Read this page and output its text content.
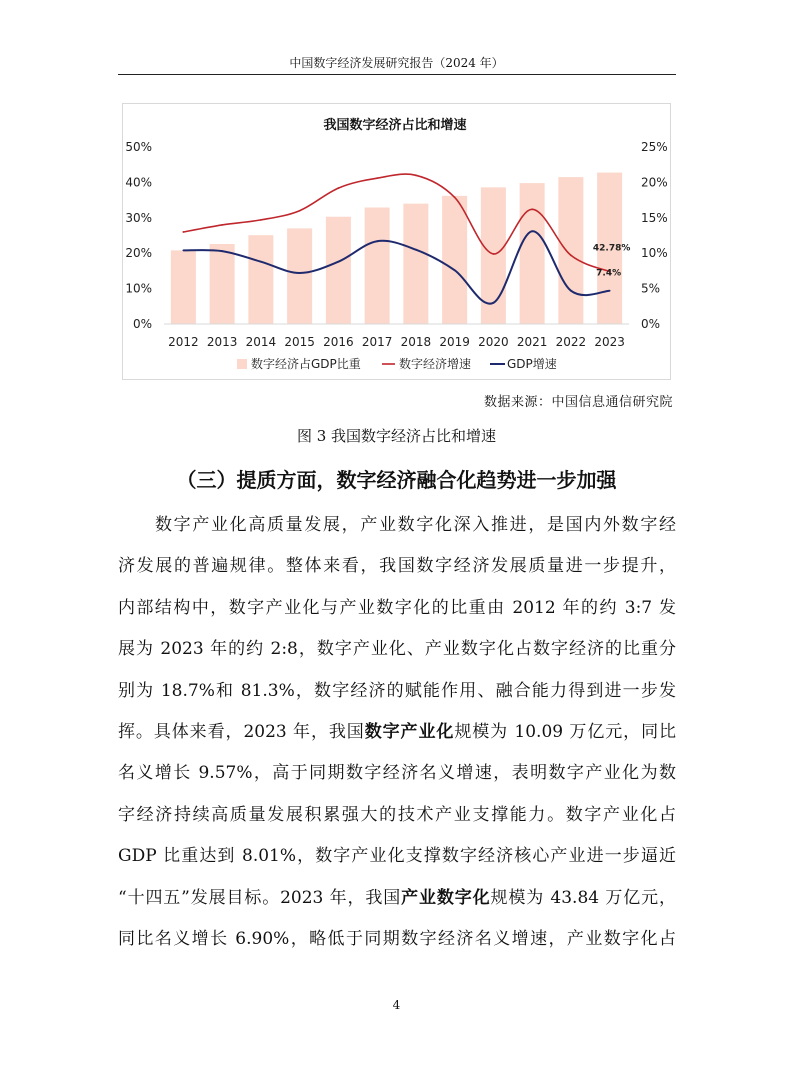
中国数字经济发展研究报告（2024 年）
我国数字经济占比和增速
0%
10%
20%
30%
40%
50%
0%
5%
10%
15%
20%
25%
2012 2013 2014 2015 2016 2017 2018 2019 2020 2021 2022 2023
42.78%
7.4%
数字经济占GDP比重	数字经济增速	GDP增速
数据来源：中国信息通信研究院
图 3 我国数字经济占比和增速
（三）提质方面，数字经济融合化趋势进一步加强
数字产业化高质量发展，产业数字化深入推进，是国内外数字经
济发展的普遍规律。整体来看，我国数字经济发展质量进一步提升，
内部结构中，数字产业化与产业数字化的比重由 2012 年的约 3:7 发
展为 2023 年的约 2:8，数字产业化、产业数字化占数字经济的比重分
别为 18.7%和 81.3%，数字经济的赋能作用、融合能力得到进一步发
挥。具体来看，2023 年，我国数字产业化规模为 10.09 万亿元，同比
名义增长 9.57%，高于同期数字经济名义增速，表明数字产业化为数
字经济持续高质量发展积累强大的技术产业支撑能力。数字产业化占
GDP 比重达到 8.01%，数字产业化支撑数字经济核心产业进一步逼近
“十四五”发展目标。2023 年，我国产业数字化规模为 43.84 万亿元，
同比名义增长 6.90%，略低于同期数字经济名义增速，产业数字化占
4
